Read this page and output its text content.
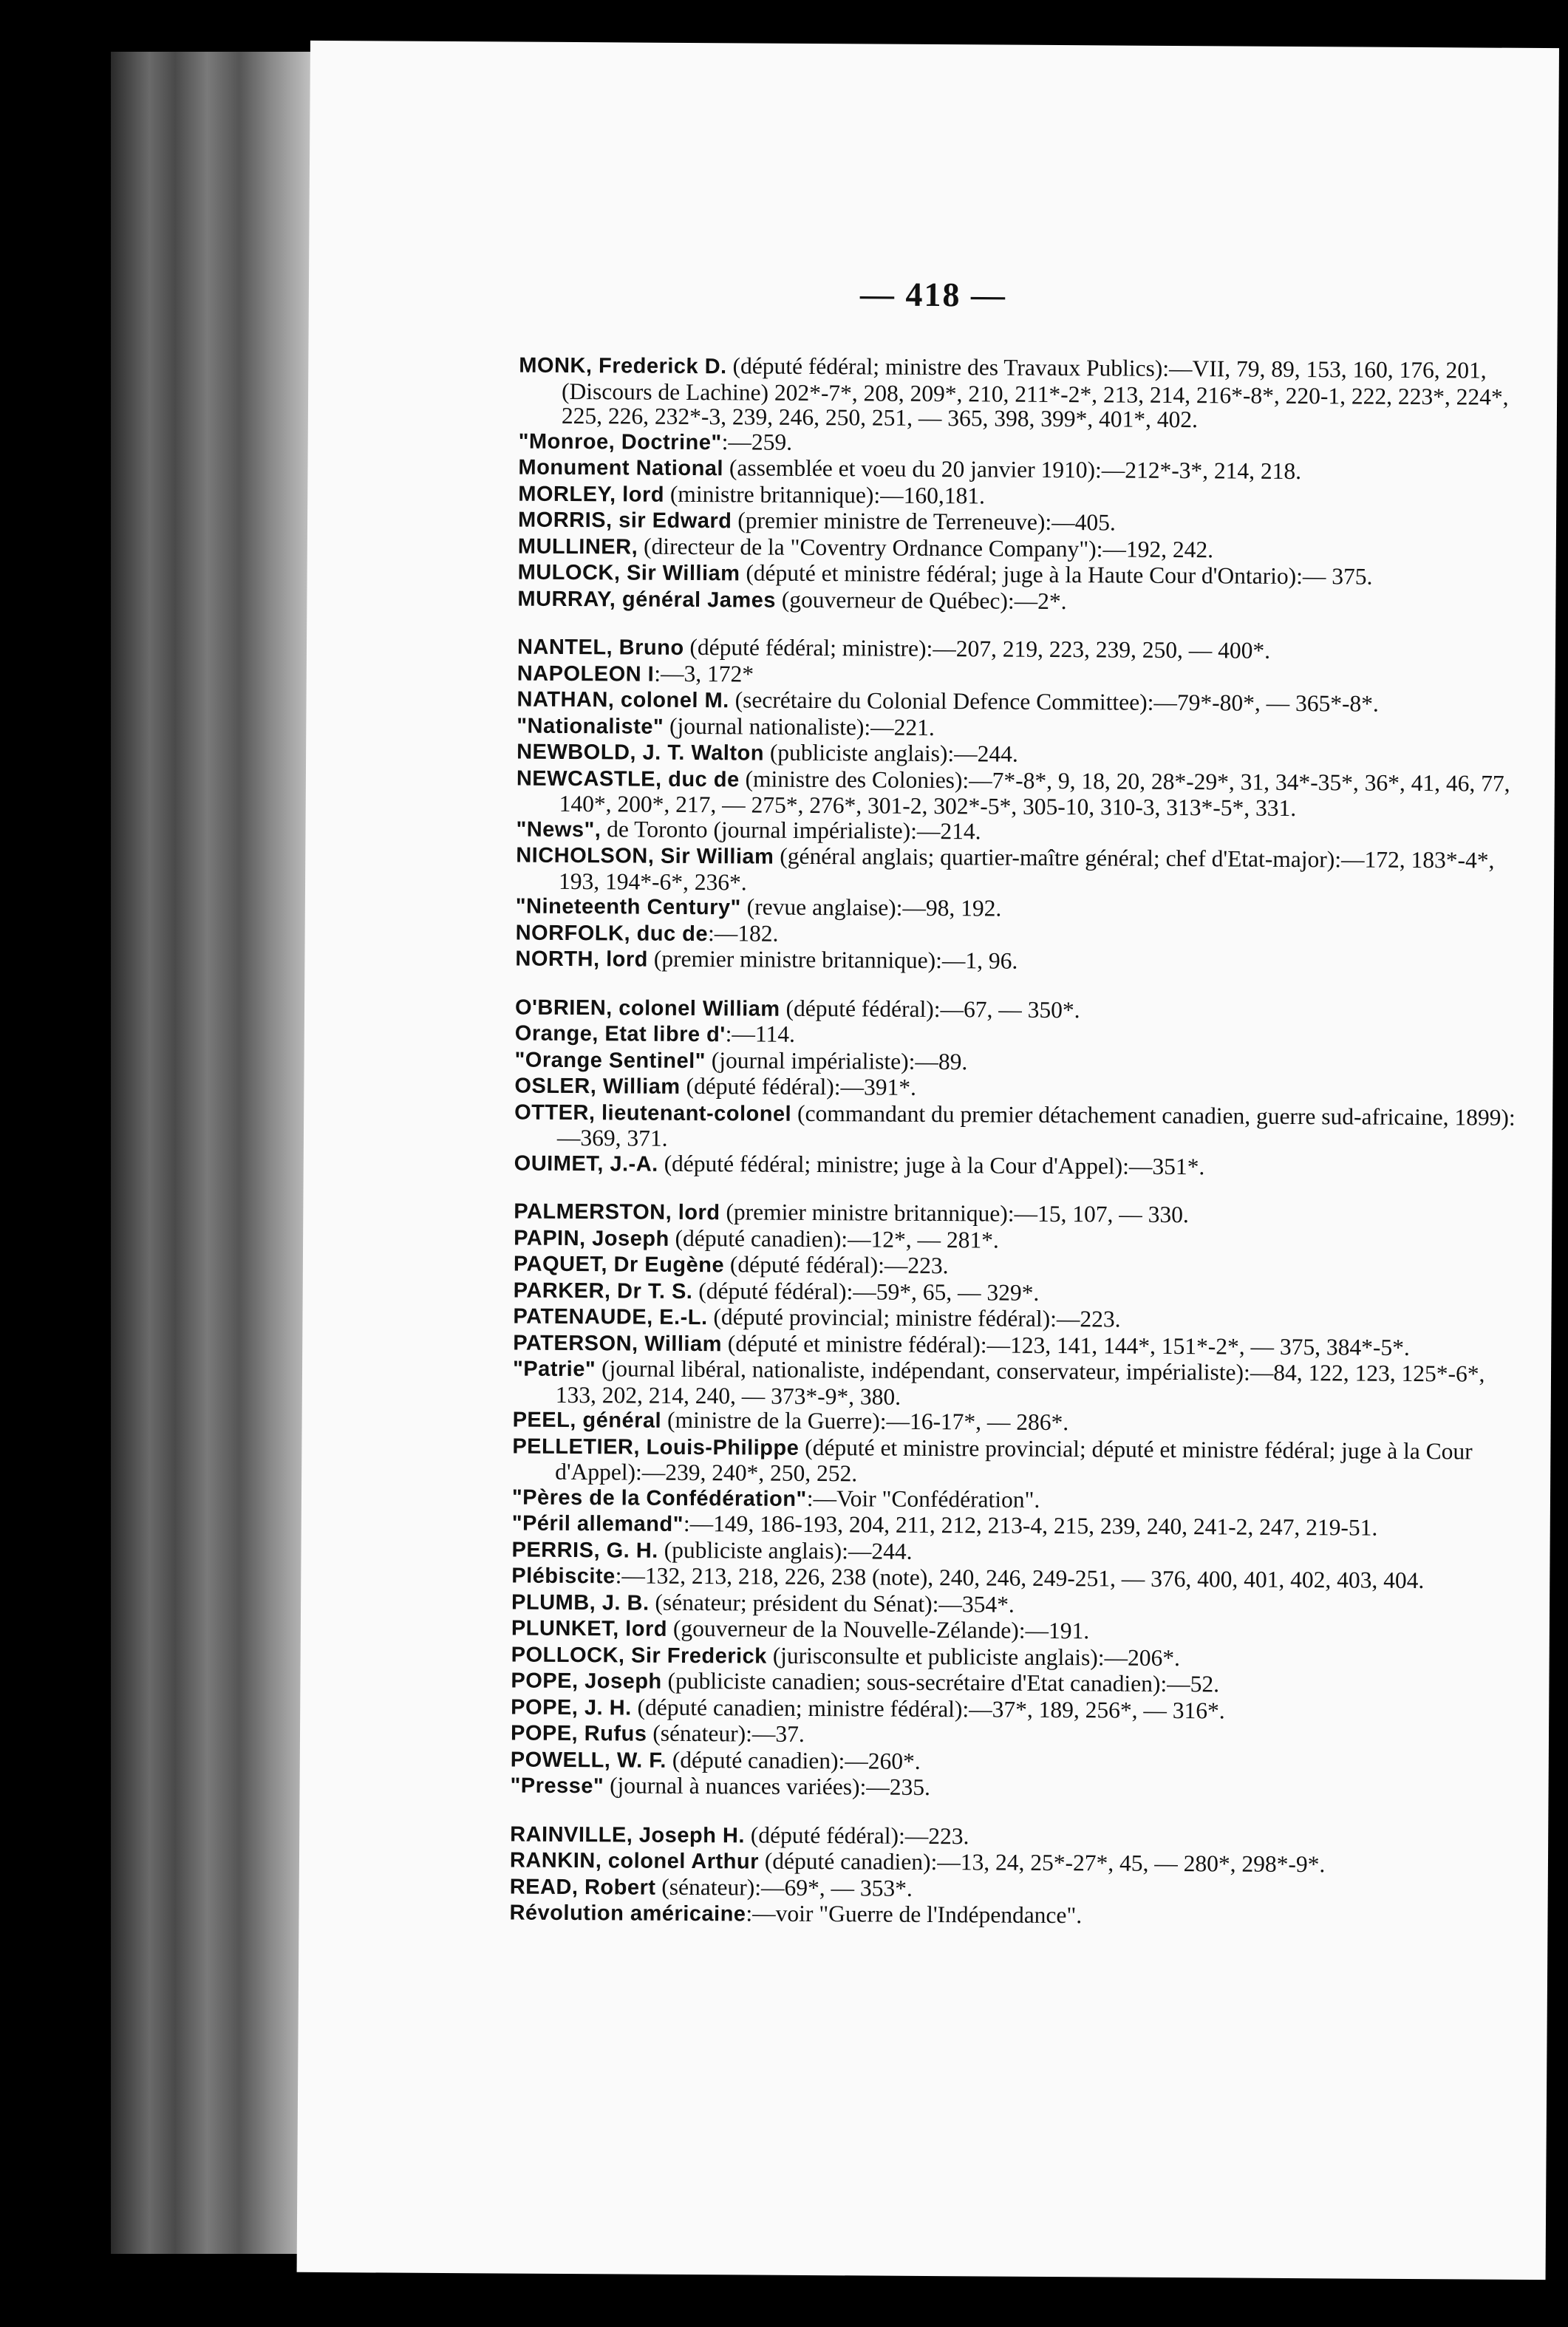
— 418 —

MONK, Frederick D. (député fédéral; ministre des Travaux Publics):—VII, 79, 89, 153, 160, 176, 201, (Discours de Lachine) 202*-7*, 208, 209*, 210, 211*-2*, 213, 214, 216*-8*, 220-1, 222, 223*, 224*, 225, 226, 232*-3, 239, 246, 250, 251, — 365, 398, 399*, 401*, 402.

"Monroe, Doctrine":—259.

Monument National (assemblée et voeu du 20 janvier 1910):—212*-3*, 214, 218.

MORLEY, lord (ministre britannique):—160,181.

MORRIS, sir Edward (premier ministre de Terreneuve):—405.

MULLINER, (directeur de la "Coventry Ordnance Company"):—192, 242.

MULOCK, Sir William (député et ministre fédéral; juge à la Haute Cour d'Ontario):— 375.

MURRAY, général James (gouverneur de Québec):—2*.

NANTEL, Bruno (député fédéral; ministre):—207, 219, 223, 239, 250, — 400*.

NAPOLEON I:—3, 172*

NATHAN, colonel M. (secrétaire du Colonial Defence Committee):—79*-80*, — 365*-8*.

"Nationaliste" (journal nationaliste):—221.

NEWBOLD, J. T. Walton (publiciste anglais):—244.

NEWCASTLE, duc de (ministre des Colonies):—7*-8*, 9, 18, 20, 28*-29*, 31, 34*-35*, 36*, 41, 46, 77, 140*, 200*, 217, — 275*, 276*, 301-2, 302*-5*, 305-10, 310-3, 313*-5*, 331.

"News", de Toronto (journal impérialiste):—214.

NICHOLSON, Sir William (général anglais; quartier-maître général; chef d'Etat-major):—172, 183*-4*, 193, 194*-6*, 236*.

"Nineteenth Century" (revue anglaise):—98, 192.

NORFOLK, duc de:—182.

NORTH, lord (premier ministre britannique):—1, 96.

O'BRIEN, colonel William (député fédéral):—67, — 350*.

Orange, Etat libre d':—114.

"Orange Sentinel" (journal impérialiste):—89.

OSLER, William (député fédéral):—391*.

OTTER, lieutenant-colonel (commandant du premier détachement canadien, guerre sud-africaine, 1899):—369, 371.

OUIMET, J.-A. (député fédéral; ministre; juge à la Cour d'Appel):—351*.

PALMERSTON, lord (premier ministre britannique):—15, 107, — 330.

PAPIN, Joseph (député canadien):—12*, — 281*.

PAQUET, Dr Eugène (député fédéral):—223.

PARKER, Dr T. S. (député fédéral):—59*, 65, — 329*.

PATENAUDE, E.-L. (député provincial; ministre fédéral):—223.

PATERSON, William (député et ministre fédéral):—123, 141, 144*, 151*-2*, — 375, 384*-5*.

"Patrie" (journal libéral, nationaliste, indépendant, conservateur, impérialiste):—84, 122, 123, 125*-6*, 133, 202, 214, 240, — 373*-9*, 380.

PEEL, général (ministre de la Guerre):—16-17*, — 286*.

PELLETIER, Louis-Philippe (député et ministre provincial; député et ministre fédéral; juge à la Cour d'Appel):—239, 240*, 250, 252.

"Pères de la Confédération":—Voir "Confédération".

"Péril allemand":—149, 186-193, 204, 211, 212, 213-4, 215, 239, 240, 241-2, 247, 219-51.

PERRIS, G. H. (publiciste anglais):—244.

Plébiscite:—132, 213, 218, 226, 238 (note), 240, 246, 249-251, — 376, 400, 401, 402, 403, 404.

PLUMB, J. B. (sénateur; président du Sénat):—354*.

PLUNKET, lord (gouverneur de la Nouvelle-Zélande):—191.

POLLOCK, Sir Frederick (jurisconsulte et publiciste anglais):—206*.

POPE, Joseph (publiciste canadien; sous-secrétaire d'Etat canadien):—52.

POPE, J. H. (député canadien; ministre fédéral):—37*, 189, 256*, — 316*.

POPE, Rufus (sénateur):—37.

POWELL, W. F. (député canadien):—260*.

"Presse" (journal à nuances variées):—235.

RAINVILLE, Joseph H. (député fédéral):—223.

RANKIN, colonel Arthur (député canadien):—13, 24, 25*-27*, 45, — 280*, 298*-9*.

READ, Robert (sénateur):—69*, — 353*.

Révolution américaine:—voir "Guerre de l'Indépendance".
